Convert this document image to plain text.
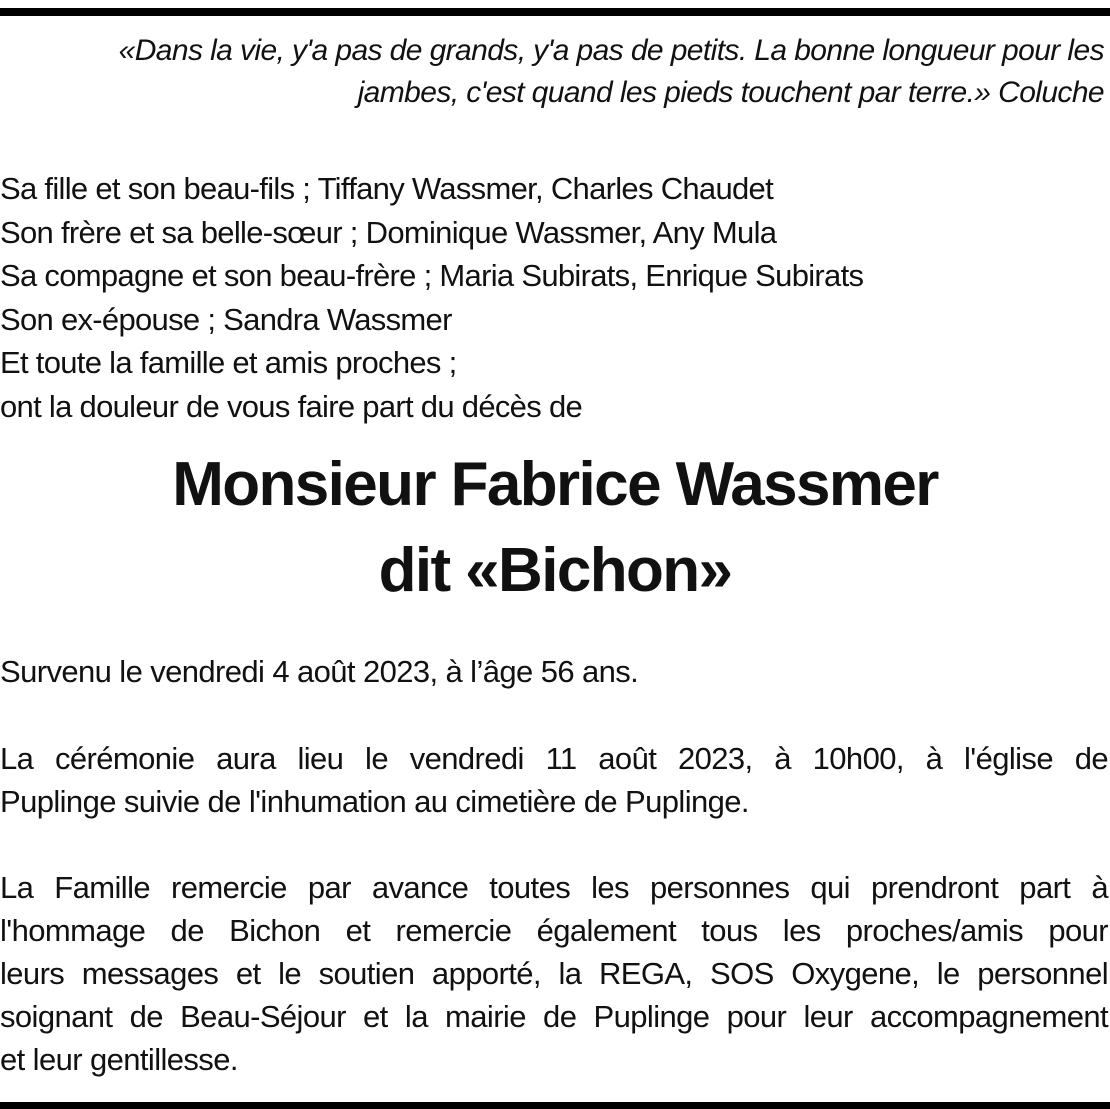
«Dans la vie, y'a pas de grands, y'a pas de petits. La bonne longueur pour les
jambes, c'est quand les pieds touchent par terre.» Coluche
Sa fille et son beau-fils ; Tiffany Wassmer, Charles Chaudet
Son frère et sa belle-sœur ; Dominique Wassmer, Any Mula
Sa compagne et son beau-frère ; Maria Subirats, Enrique Subirats
Son ex-épouse ; Sandra Wassmer
Et toute la famille et amis proches ;
ont la douleur de vous faire part du décès de
Monsieur Fabrice Wassmer
dit «Bichon»
Survenu le vendredi 4 août 2023, à l’âge 56 ans.
La cérémonie aura lieu le vendredi 11 août 2023, à 10h00, à l'église de
Puplinge suivie de l'inhumation au cimetière de Puplinge.
La Famille remercie par avance toutes les personnes qui prendront part à
l'hommage de Bichon et remercie également tous les proches/amis pour
leurs messages et le soutien apporté, la REGA, SOS Oxygene, le personnel
soignant de Beau-Séjour et la mairie de Puplinge pour leur accompagnement
et leur gentillesse.
